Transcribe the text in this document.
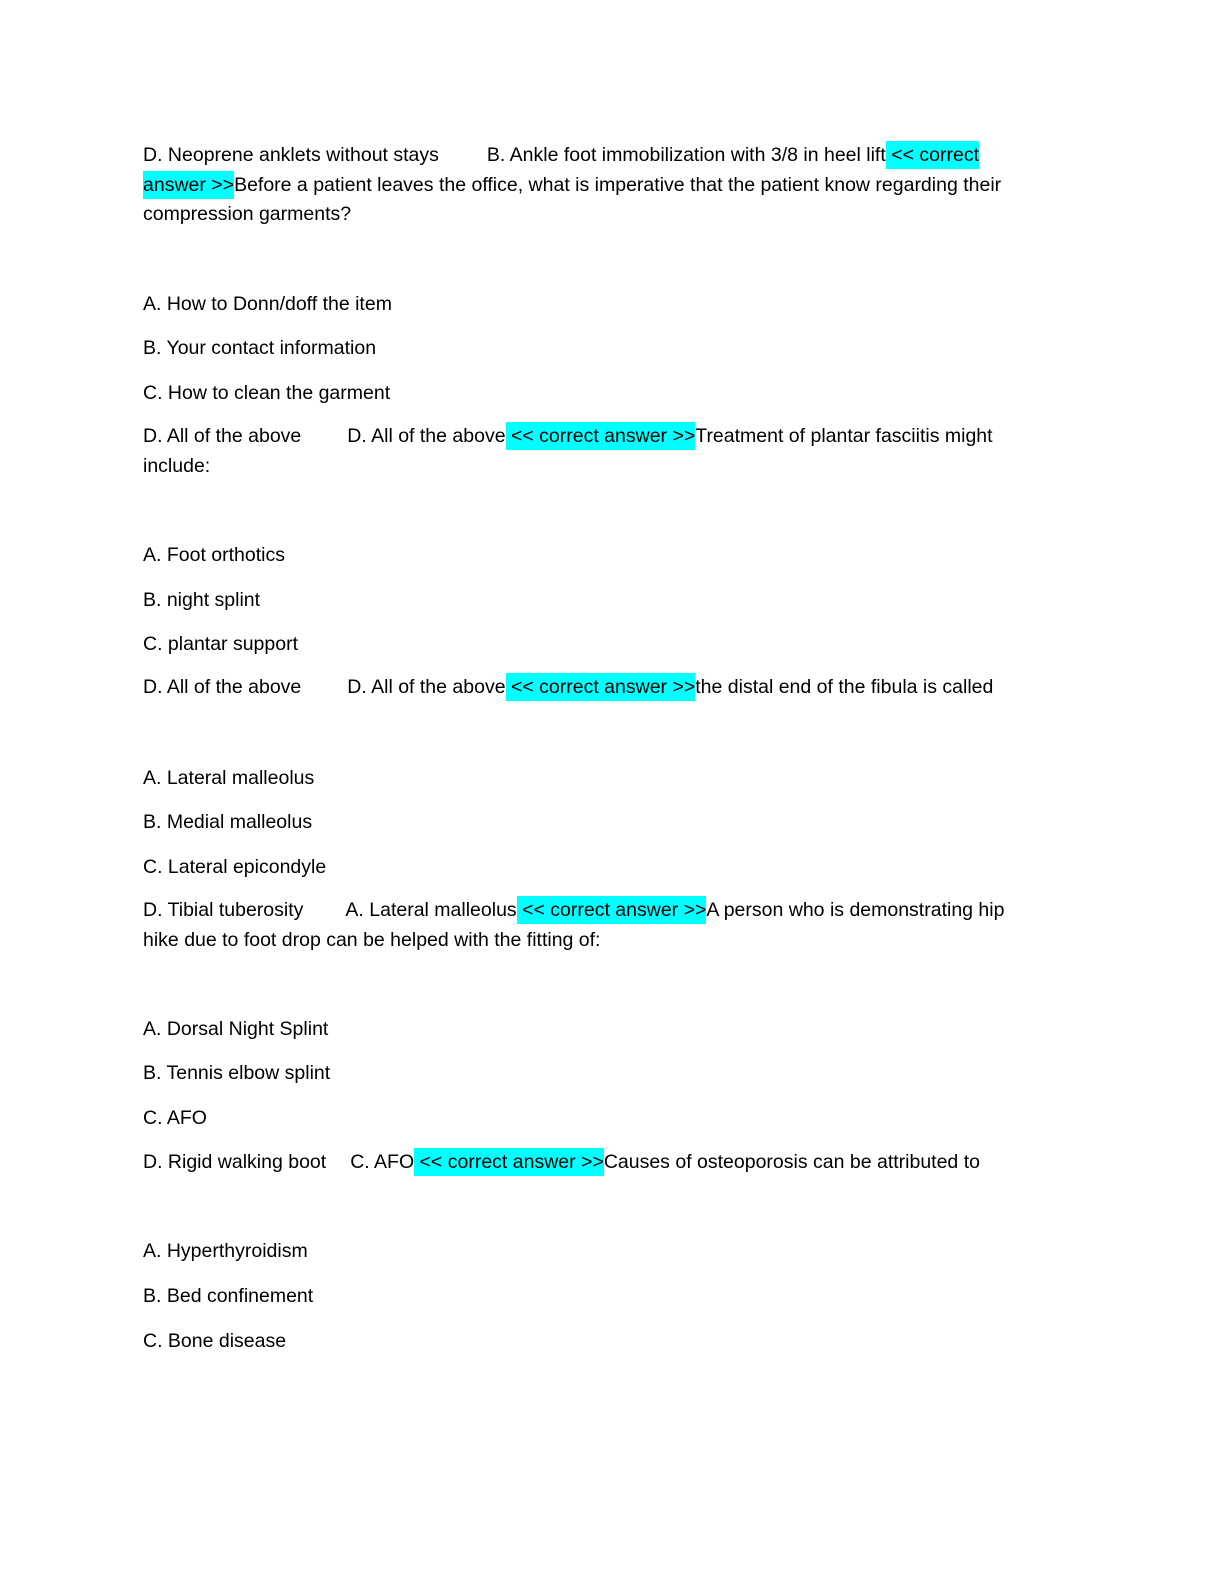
D. Neoprene anklets without stays B. Ankle foot immobilization with 3/8 in heel lift << correct answer >>Before a patient leaves the office, what is imperative that the patient know regarding their compression garments?
A. How to Donn/doff the item
B. Your contact information
C. How to clean the garment
D. All of the above D. All of the above << correct answer >>Treatment of plantar fasciitis might include:
A. Foot orthotics
B. night splint
C. plantar support
D. All of the above D. All of the above << correct answer >>the distal end of the fibula is called
A. Lateral malleolus
B. Medial malleolus
C. Lateral epicondyle
D. Tibial tuberosity A. Lateral malleolus << correct answer >>A person who is demonstrating hip hike due to foot drop can be helped with the fitting of:
A. Dorsal Night Splint
B. Tennis elbow splint
C. AFO
D. Rigid walking boot C. AFO << correct answer >>Causes of osteoporosis can be attributed to
A. Hyperthyroidism
B. Bed confinement
C. Bone disease
